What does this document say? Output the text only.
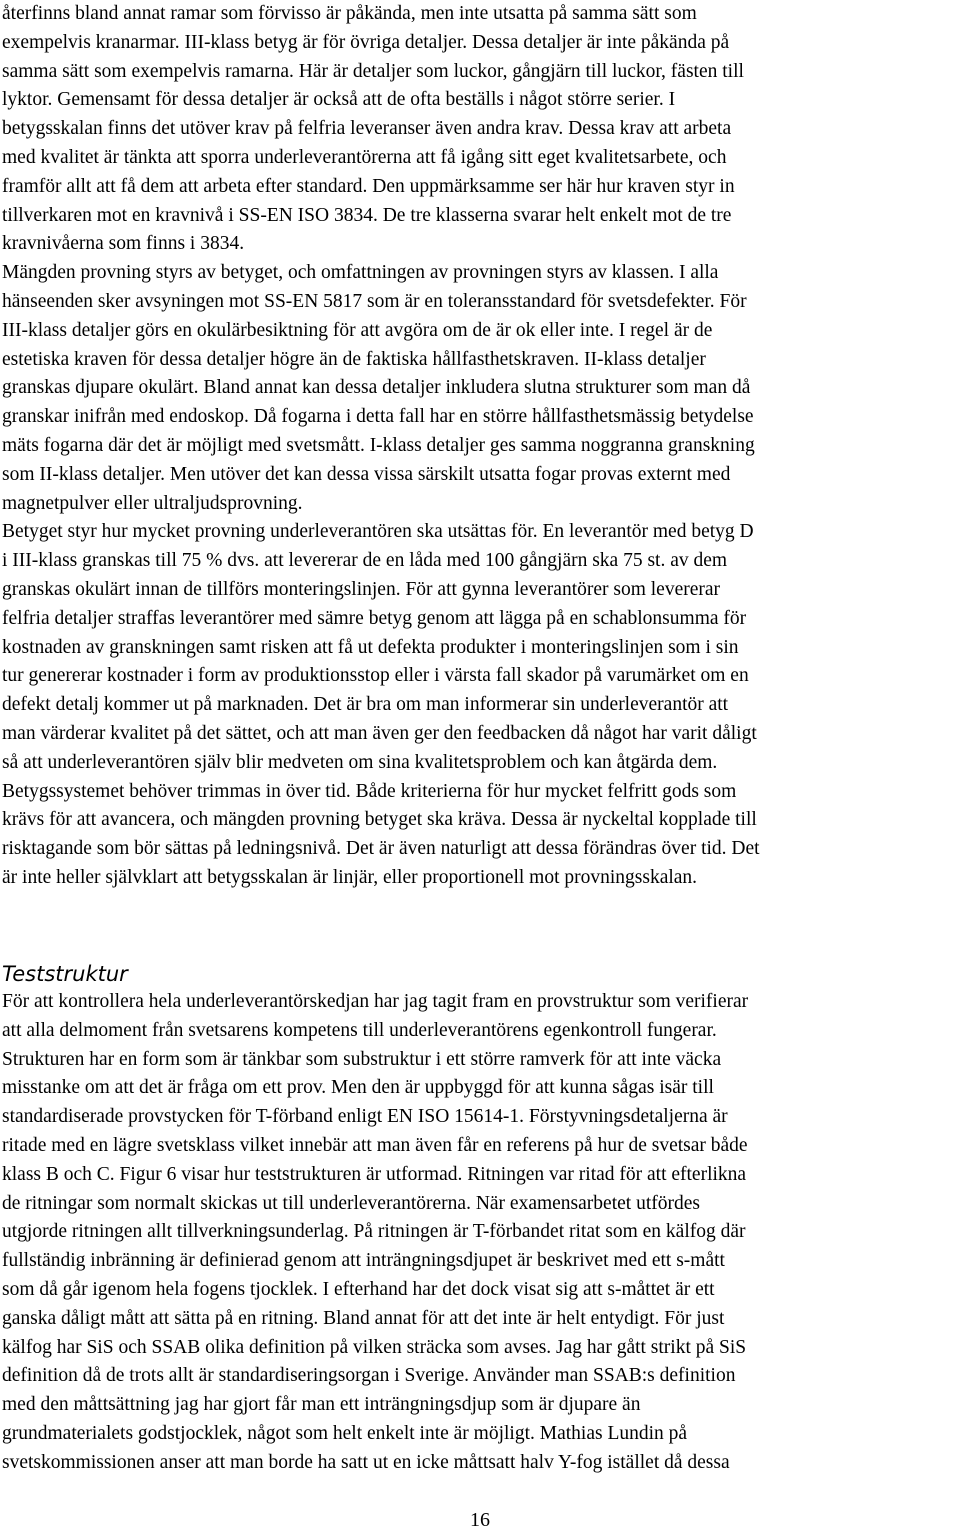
återfinns bland annat ramar som förvisso är påkända, men inte utsatta på samma sätt som
exempelvis kranarmar. III-klass betyg är för övriga detaljer. Dessa detaljer är inte påkända på
samma sätt som exempelvis ramarna. Här är detaljer som luckor, gångjärn till luckor, fästen till
lyktor. Gemensamt för dessa detaljer är också att de ofta beställs i något större serier. I
betygsskalan finns det utöver krav på felfria leveranser även andra krav. Dessa krav att arbeta
med kvalitet är tänkta att sporra underleverantörerna att få igång sitt eget kvalitetsarbete, och
framför allt att få dem att arbeta efter standard. Den uppmärksamme ser här hur kraven styr in
tillverkaren mot en kravnivå i SS-EN ISO 3834. De tre klasserna svarar helt enkelt mot de tre
kravnivåerna som finns i 3834.
Mängden provning styrs av betyget, och omfattningen av provningen styrs av klassen. I alla
hänseenden sker avsyningen mot SS-EN 5817 som är en toleransstandard för svetsdefekter. För
III-klass detaljer görs en okulärbesiktning för att avgöra om de är ok eller inte. I regel är de
estetiska kraven för dessa detaljer högre än de faktiska hållfasthetskraven. II-klass detaljer
granskas djupare okulärt. Bland annat kan dessa detaljer inkludera slutna strukturer som man då
granskar inifrån med endoskop. Då fogarna i detta fall har en större hållfasthetsmässig betydelse
mäts fogarna där det är möjligt med svetsmått. I-klass detaljer ges samma noggranna granskning
som II-klass detaljer. Men utöver det kan dessa vissa särskilt utsatta fogar provas externt med
magnetpulver eller ultraljudsprovning.
Betyget styr hur mycket provning underleverantören ska utsättas för. En leverantör med betyg D
i III-klass granskas till 75 % dvs. att levererar de en låda med 100 gångjärn ska 75 st. av dem
granskas okulärt innan de tillförs monteringslinjen. För att gynna leverantörer som levererar
felfria detaljer straffas leverantörer med sämre betyg genom att lägga på en schablonsumma för
kostnaden av granskningen samt risken att få ut defekta produkter i monteringslinjen som i sin
tur genererar kostnader i form av produktionsstop eller i värsta fall skador på varumärket om en
defekt detalj kommer ut på marknaden. Det är bra om man informerar sin underleverantör att
man värderar kvalitet på det sättet, och att man även ger den feedbacken då något har varit dåligt
så att underleverantören själv blir medveten om sina kvalitetsproblem och kan åtgärda dem.
Betygssystemet behöver trimmas in över tid. Både kriterierna för hur mycket felfritt gods som
krävs för att avancera, och mängden provning betyget ska kräva. Dessa är nyckeltal kopplade till
risktagande som bör sättas på ledningsnivå. Det är även naturligt att dessa förändras över tid. Det
är inte heller självklart att betygsskalan är linjär, eller proportionell mot provningsskalan.
Teststruktur
För att kontrollera hela underleverantörskedjan har jag tagit fram en provstruktur som verifierar
att alla delmoment från svetsarens kompetens till underleverantörens egenkontroll fungerar.
Strukturen har en form som är tänkbar som substruktur i ett större ramverk för att inte väcka
misstanke om att det är fråga om ett prov. Men den är uppbyggd för att kunna sågas isär till
standardiserade provstycken för T-förband enligt EN ISO 15614-1. Förstyvningsdetaljerna är
ritade med en lägre svetsklass vilket innebär att man även får en referens på hur de svetsar både
klass B och C. Figur 6 visar hur teststrukturen är utformad. Ritningen var ritad för att efterlikna
de ritningar som normalt skickas ut till underleverantörerna. När examensarbetet utfördes
utgjorde ritningen allt tillverkningsunderlag. På ritningen är T-förbandet ritat som en kälfog där
fullständig inbränning är definierad genom att inträngningsdjupet är beskrivet med ett s-mått
som då går igenom hela fogens tjocklek. I efterhand har det dock visat sig att s-måttet är ett
ganska dåligt mått att sätta på en ritning. Bland annat för att det inte är helt entydigt. För just
kälfog har SiS och SSAB olika definition på vilken sträcka som avses. Jag har gått strikt på SiS
definition då de trots allt är standardiseringsorgan i Sverige. Använder man SSAB:s definition
med den måttsättning jag har gjort får man ett inträngningsdjup som är djupare än
grundmaterialets godstjocklek, något som helt enkelt inte är möjligt. Mathias Lundin på
svetskommissionen anser att man borde ha satt ut en icke måttsatt halv Y-fog istället då dessa
16
